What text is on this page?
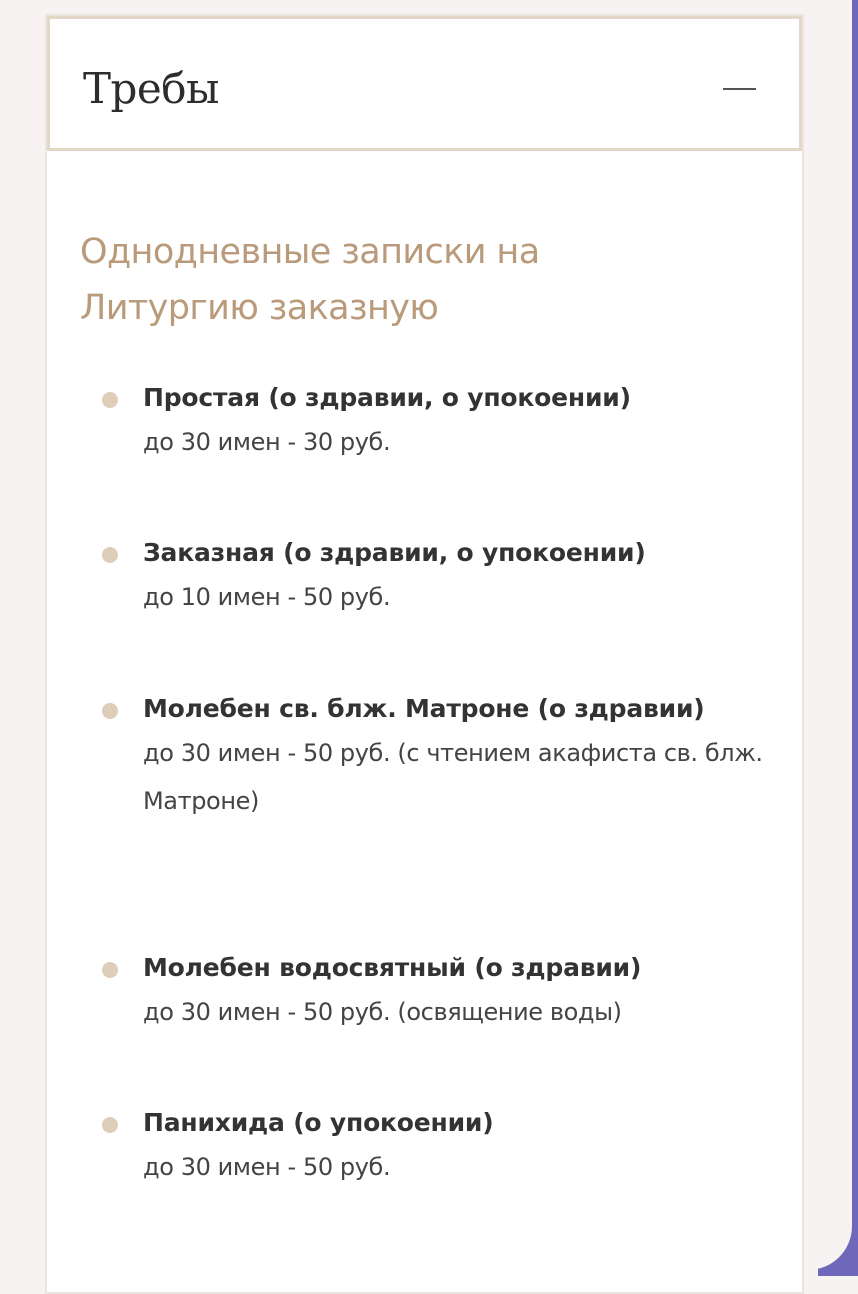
Требы
Однодневные записки на Литургию заказную
Простая (о здравии, о упокоении)
до 30 имен - 30 руб.
Заказная (о здравии, о упокоении)
до 10 имен - 50 руб.
Молебен св. блж. Матроне (о здравии)
до 30 имен - 50 руб. (с чтением акафиста св. блж. Матроне)
Молебен водосвятный (о здравии)
до 30 имен - 50 руб. (освящение воды)
Панихида (о упокоении)
до 30 имен - 50 руб.
